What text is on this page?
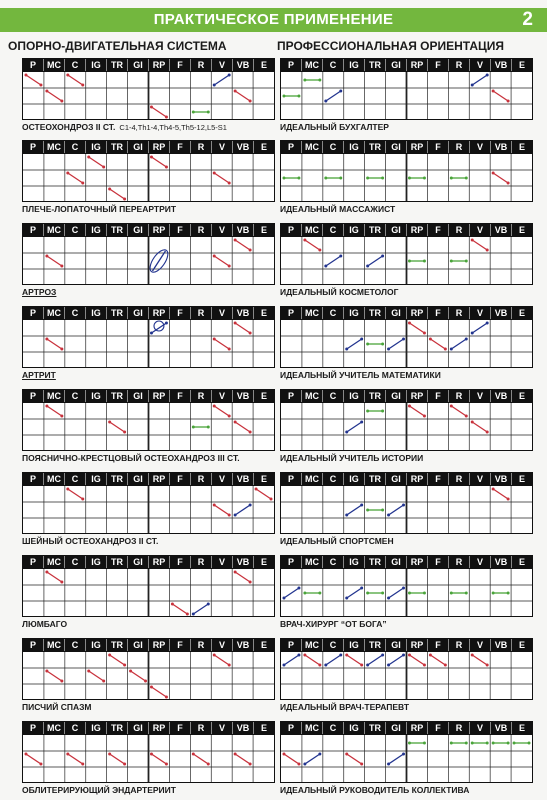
ПРАКТИЧЕСКОЕ ПРИМЕНЕНИЕ	2
ОПОРНО-ДВИГАТЕЛЬНАЯ СИСТЕМА	ПРОФЕССИОНАЛЬНАЯ ОРИЕНТАЦИЯ
P	MC	C	IG	TR	GI	RP	F	R	V	VB	E
ОСТЕОХОНДРОЗ II СТ. C1-4,Th1-4,Th4-5,Th5-12,L5-S1
P	MC	C	IG	TR	GI	RP	F	R	V	VB	E
ПЛЕЧЕ-ЛОПАТОЧНЫЙ ПЕРЕАРТРИТ
P	MC	C	IG	TR	GI	RP	F	R	V	VB	E
АРТРОЗ
P	MC	C	IG	TR	GI	RP	F	R	V	VB	E
АРТРИТ
P	MC	C	IG	TR	GI	RP	F	R	V	VB	E
ПОЯСНИЧНО-КРЕСТЦОВЫЙ ОСТЕОХАНДРОЗ III СТ.
P	MC	C	IG	TR	GI	RP	F	R	V	VB	E
ШЕЙНЫЙ ОСТЕОХАНДРОЗ II СТ.
P	MC	C	IG	TR	GI	RP	F	R	V	VB	E
ЛЮМБАГО
P	MC	C	IG	TR	GI	RP	F	R	V	VB	E
ПИСЧИЙ СПАЗМ
P	MC	C	IG	TR	GI	RP	F	R	V	VB	E
ОБЛИТЕРИРУЮЩИЙ ЭНДАРТЕРИИТ
P	MC	C	IG	TR	GI	RP	F	R	V	VB	E
ИДЕАЛЬНЫЙ БУХГАЛТЕР
P	MC	C	IG	TR	GI	RP	F	R	V	VB	E
ИДЕАЛЬНЫЙ МАССАЖИСТ
P	MC	C	IG	TR	GI	RP	F	R	V	VB	E
ИДЕАЛЬНЫЙ КОСМЕТОЛОГ
P	MC	C	IG	TR	GI	RP	F	R	V	VB	E
ИДЕАЛЬНЫЙ УЧИТЕЛЬ МАТЕМАТИКИ
P	MC	C	IG	TR	GI	RP	F	R	V	VB	E
ИДЕАЛЬНЫЙ УЧИТЕЛЬ ИСТОРИИ
P	MC	C	IG	TR	GI	RP	F	R	V	VB	E
ИДЕАЛЬНЫЙ СПОРТСМЕН
P	MC	C	IG	TR	GI	RP	F	R	V	VB	E
ВРАЧ-ХИРУРГ “ОТ БОГА”
P	MC	C	IG	TR	GI	RP	F	R	V	VB	E
ИДЕАЛЬНЫЙ ВРАЧ-ТЕРАПЕВТ
P	MC	C	IG	TR	GI	RP	F	R	V	VB	E
ИДЕАЛЬНЫЙ РУКОВОДИТЕЛЬ КОЛЛЕКТИВА
